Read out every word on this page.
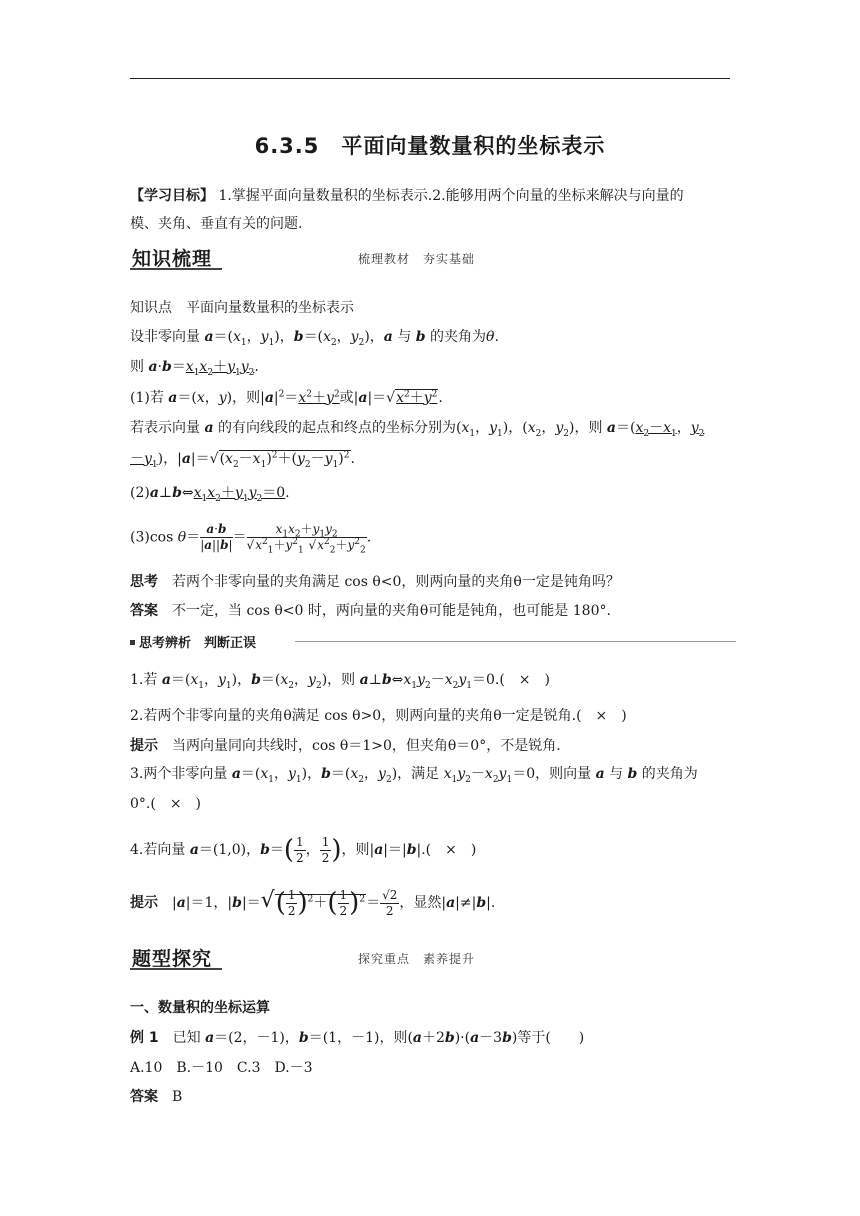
6.3.5　平面向量数量积的坐标表示
【学习目标】 1.掌握平面向量数量积的坐标表示.2.能够用两个向量的坐标来解决与向量的
模、夹角、垂直有关的问题.
知识梳理	梳理教材　夯实基础
知识点　平面向量数量积的坐标表示
设非零向量 $a=(x_1$，$y_1$)，$b=(x_2$，$y_2$)，a 与 b 的夹角为θ.
则 $a\cdot b=x_1x_2+y_1y_2$.
(1)若 a＝(x，y)，则$|a|^2=x^2+y^2$或$|a|=√x^2+y^2$.
若表示向量 a 的有向线段的起点和终点的坐标分别为($x_1$，$y_1$)，($x_2$，$y_2$)，则 $a=(x_2-x_1$，$y_2$
$-y_1$)，$|a|=√(x_2-x_1)^2+(y_2-y_1)^2$.
$(2)a\perp b\Leftrightarrow x_1x_2+y_1y_2=0$.
(3)cos $\theta= \frac{a\cdot b}{|a||b|} = \frac{x_1x_2+y_1y_2}{√x^2_1+y^2_1 √x^2_2+y^2_2}$ .
思考　 若两个非零向量的夹角满足 cos θ<0，则两向量的夹角θ一定是钝角吗？
答案　 不一定，当 cos θ<0 时，两向量的夹角θ可能是钝角，也可能是 180°.
思考辨析　判断正误
1.若 $a=(x_1$，$y_1$)，$b=(x_2$，$y_2$)，则 $a\perp b\Leftrightarrow x_1y_2-x_2y_1=0$.(　×　)
2.若两个非零向量的夹角θ满足 cos θ>0，则两向量的夹角θ一定是锐角.(　×　)
提示　 当两向量同向共线时，cos θ＝1>0，但夹角θ＝0°，不是锐角.
3.两个非零向量 $a=(x_1$，$y_1$)，$b=(x_2$，$y_2$)，满足 $x_1y_2-x_2y_1=0$，则向量 a 与 b 的夹角为
0°.(　×　)
4.若向量 a＝(1,0)，$b=( \frac{1}{2}$ ， $\frac{1}{2}$ )，则|a|＝|b|.(　×　)
提示　|a|＝1，$|b|=√( \frac{1}{2} )^2+( \frac{1}{2} )^2= \frac{√2}{2}$ ，显然|a|≠|b|.
题型探究	探究重点　素养提升
一、数量积的坐标运算
例 1　已知 a＝(2，－1)，b＝(1，－1)，则(a＋2b)·(a－3b)等于(　　)
A.10　B.－10　C.3　D.－3
答案　 B
